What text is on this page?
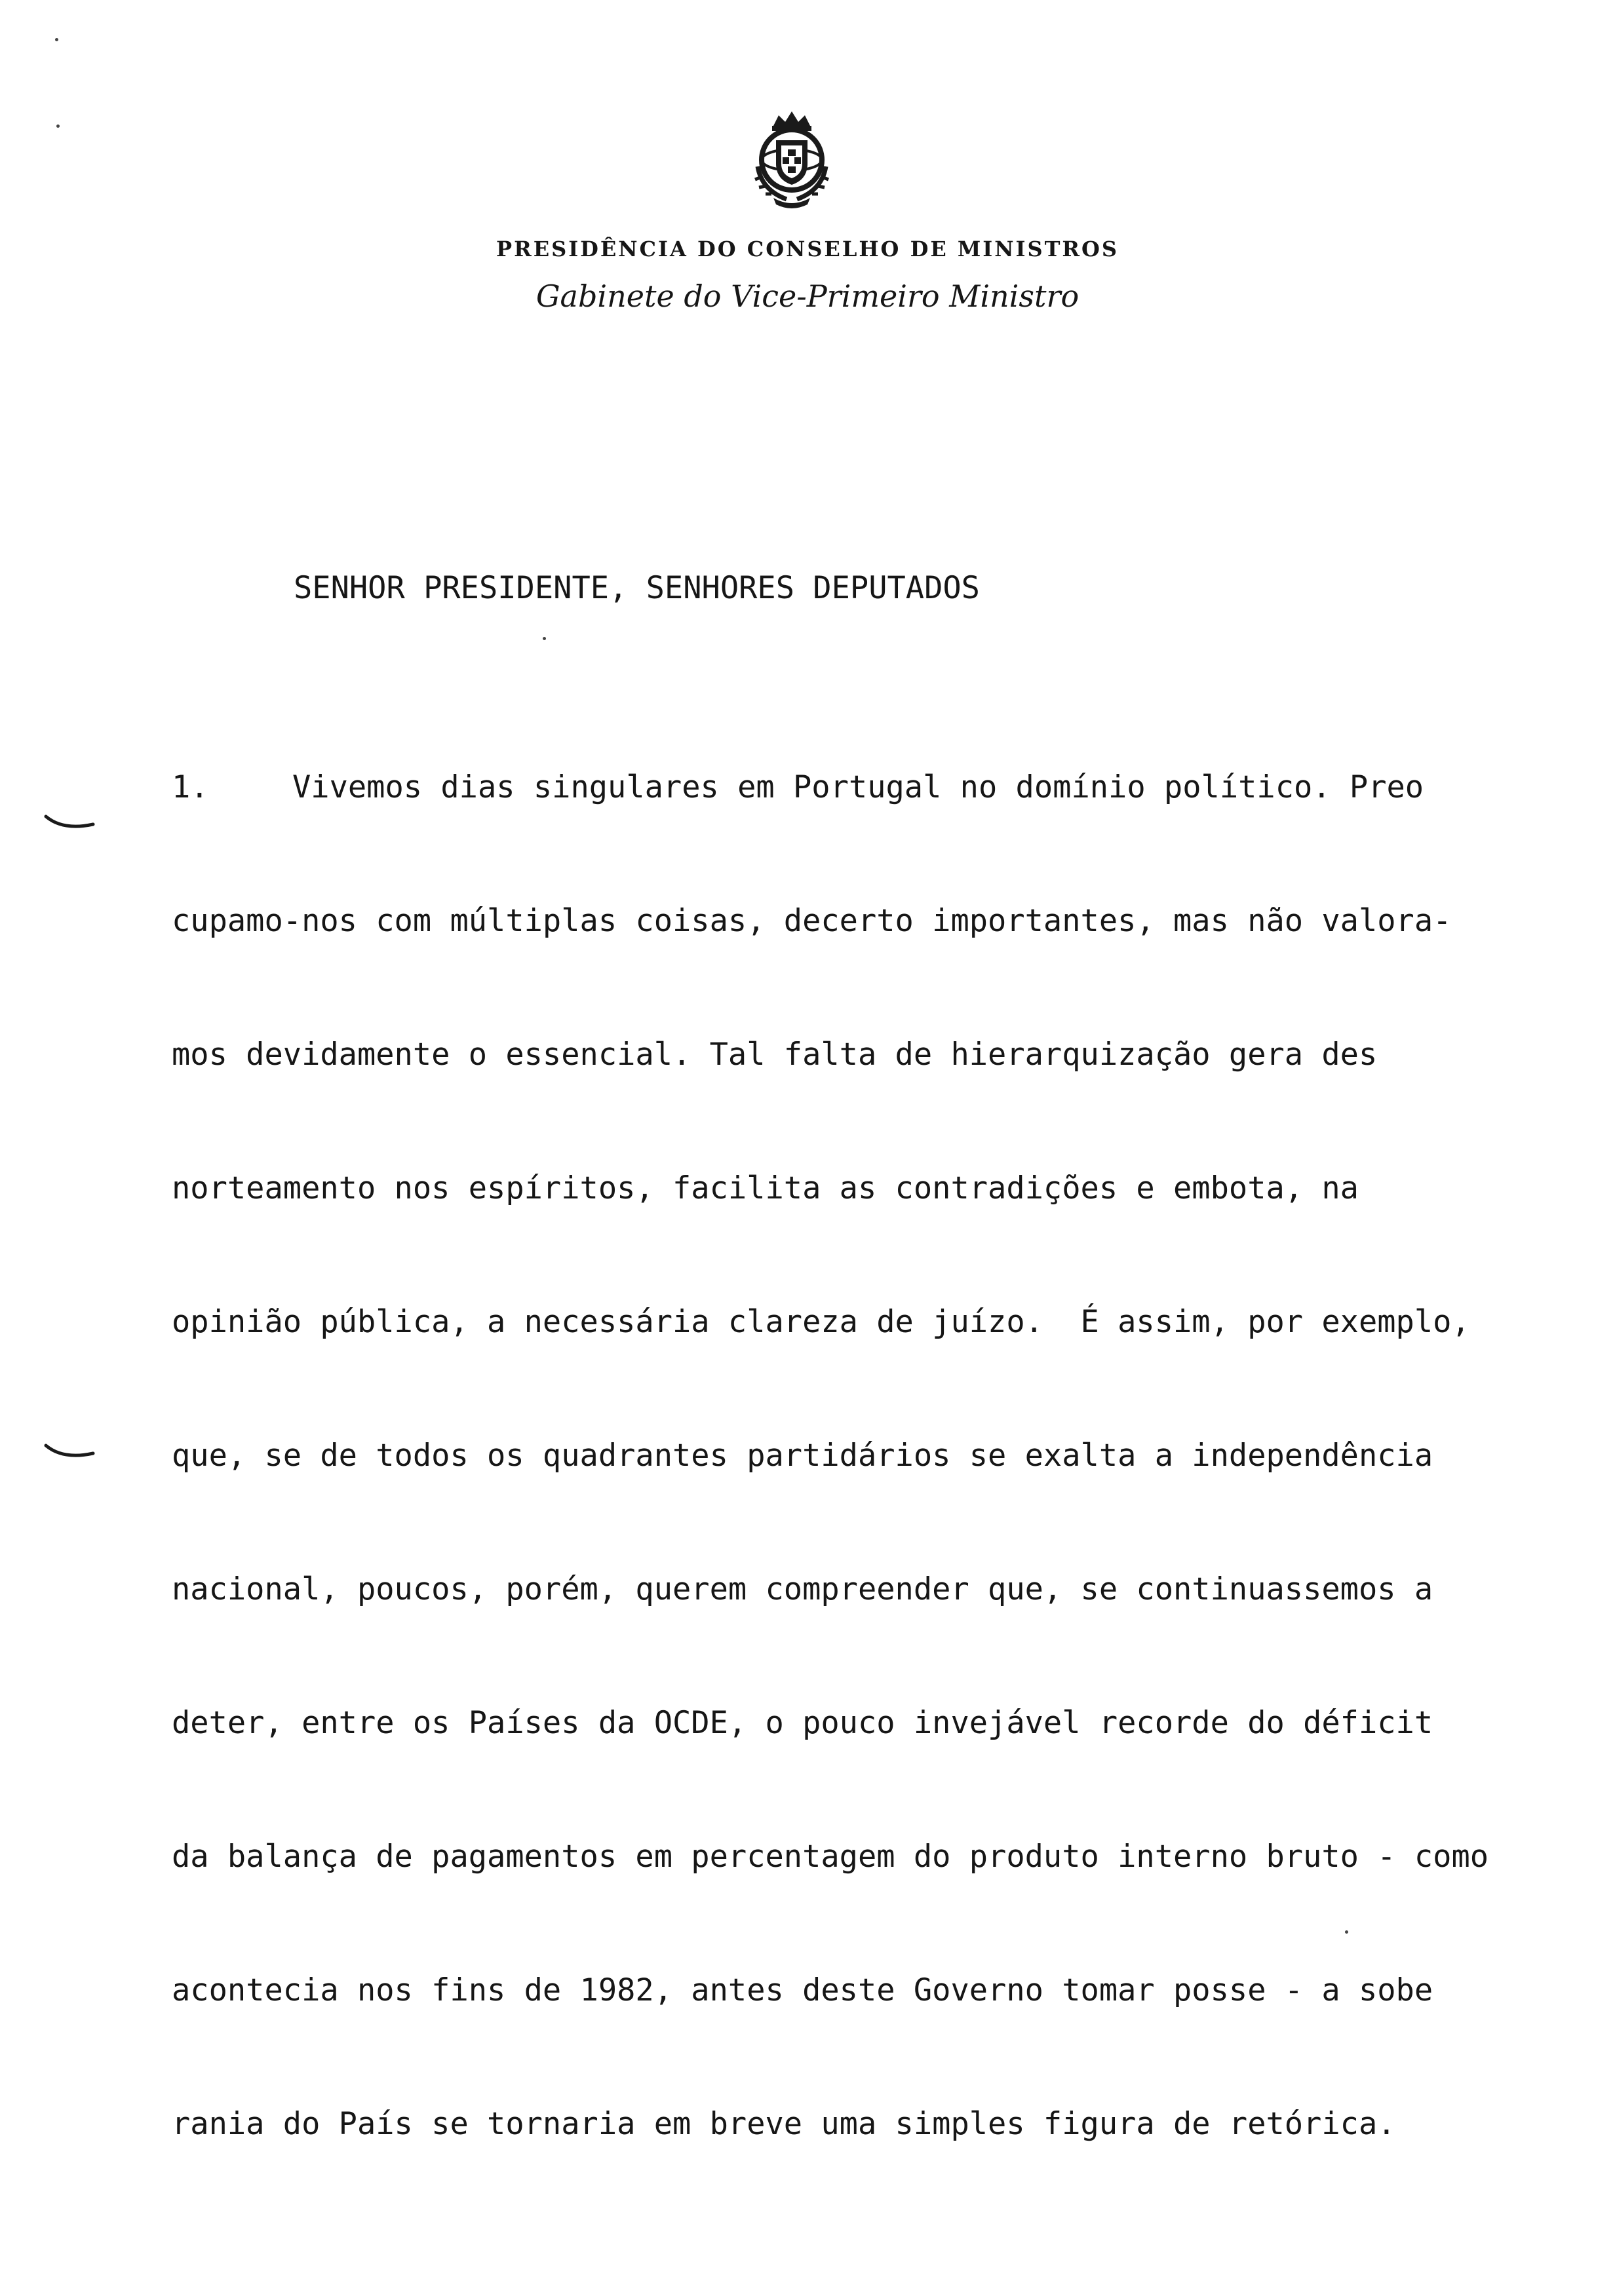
PRESIDÊNCIA DO CONSELHO DE MINISTROS
Gabinete do Vice-Primeiro Ministro
SENHOR PRESIDENTE, SENHORES DEPUTADOS
1.	Vivemos dias singulares em Portugal no domínio político. Preo
cupamo-nos com múltiplas coisas, decerto importantes, mas não valora-
mos devidamente o essencial. Tal falta de hierarquização gera des
norteamento nos espíritos, facilita as contradições e embota, na
opinião pública, a necessária clareza de juízo.  É assim, por exemplo,
que, se de todos os quadrantes partidários se exalta a independência
nacional, poucos, porém, querem compreender que, se continuassemos a
deter, entre os Países da OCDE, o pouco invejável recorde do déficit
da balança de pagamentos em percentagem do produto interno bruto - como
acontecia nos fins de 1982, antes deste Governo tomar posse - a sobe
rania do País se tornaria em breve uma simples figura de retórica.
